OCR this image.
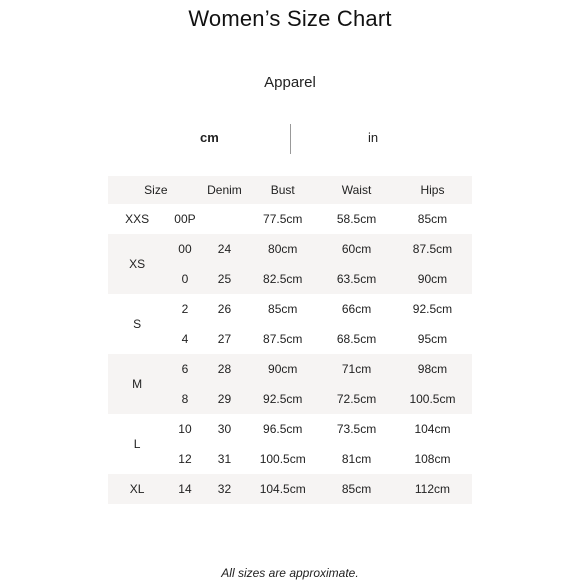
Women’s Size Chart
Apparel
cm	in
Size		Denim	Bust	Waist	Hips
XXS	00P		77.5cm	58.5cm	85cm
XS	00	24	80cm	60cm	87.5cm
	0	25	82.5cm	63.5cm	90cm
S	2	26	85cm	66cm	92.5cm
	4	27	87.5cm	68.5cm	95cm
M	6	28	90cm	71cm	98cm
	8	29	92.5cm	72.5cm	100.5cm
L	10	30	96.5cm	73.5cm	104cm
	12	31	100.5cm	81cm	108cm
XL	14	32	104.5cm	85cm	112cm
All sizes are approximate.
